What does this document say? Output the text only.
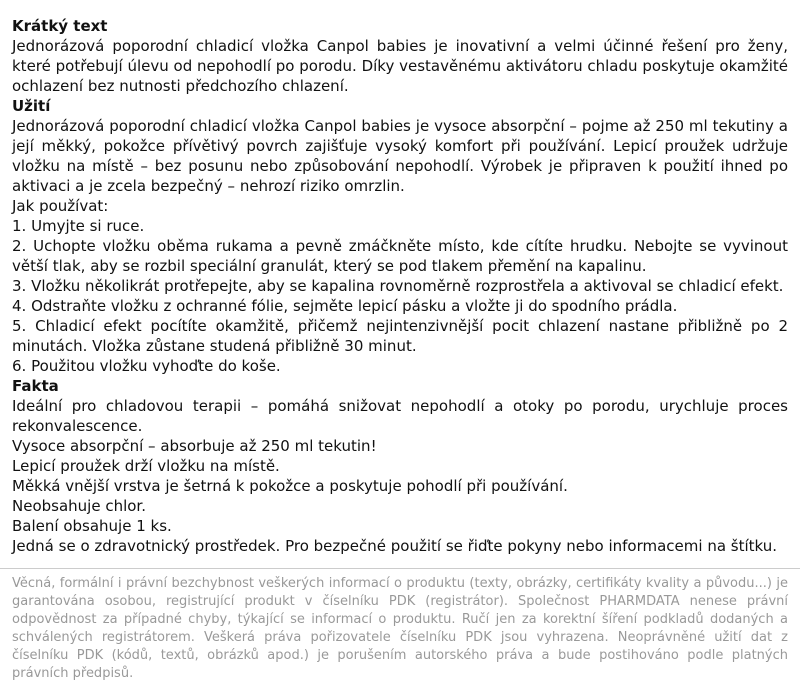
Krátký text

Jednorázová poporodní chladicí vložka Canpol babies je inovativní a velmi účinné řešení pro ženy, které potřebují úlevu od nepohodlí po porodu. Díky vestavěnému aktivátoru chladu poskytuje okamžité ochlazení bez nutnosti předchozího chlazení.

Užití

Jednorázová poporodní chladicí vložka Canpol babies je vysoce absorpční – pojme až 250 ml tekutiny a její měkký, pokožce přívětivý povrch zajišťuje vysoký komfort při používání. Lepicí proužek udržuje vložku na místě – bez posunu nebo způsobování nepohodlí. Výrobek je připraven k použití ihned po aktivaci a je zcela bezpečný – nehrozí riziko omrzlin.

Jak používat:

1. Umyjte si ruce.

2. Uchopte vložku oběma rukama a pevně zmáčkněte místo, kde cítíte hrudku. Nebojte se vyvinout větší tlak, aby se rozbil speciální granulát, který se pod tlakem přemění na kapalinu.

3. Vložku několikrát protřepejte, aby se kapalina rovnoměrně rozprostřela a aktivoval se chladicí efekt.

4. Odstraňte vložku z ochranné fólie, sejměte lepicí pásku a vložte ji do spodního prádla.

5. Chladicí efekt pocítíte okamžitě, přičemž nejintenzivnější pocit chlazení nastane přibližně po 2 minutách. Vložka zůstane studená přibližně 30 minut.

6. Použitou vložku vyhoďte do koše.

Fakta

Ideální pro chladovou terapii – pomáhá snižovat nepohodlí a otoky po porodu, urychluje proces rekonvalescence.

Vysoce absorpční – absorbuje až 250 ml tekutin!

Lepicí proužek drží vložku na místě.

Měkká vnější vrstva je šetrná k pokožce a poskytuje pohodlí při používání.

Neobsahuje chlor.

Balení obsahuje 1 ks.

Jedná se o zdravotnický prostředek. Pro bezpečné použití se řiďte pokyny nebo informacemi na štítku.

Věcná, formální i právní bezchybnost veškerých informací o produktu (texty, obrázky, certifikáty kvality a původu...) je garantována osobou, registrující produkt v číselníku PDK (registrátor). Společnost PHARMDATA nenese právní odpovědnost za případné chyby, týkající se informací o produktu. Ručí jen za korektní šíření podkladů dodaných a schválených registrátorem. Veškerá práva pořizovatele číselníku PDK jsou vyhrazena. Neoprávněné užití dat z číselníku PDK (kódů, textů, obrázků apod.) je porušením autorského práva a bude postihováno podle platných právních předpisů.
